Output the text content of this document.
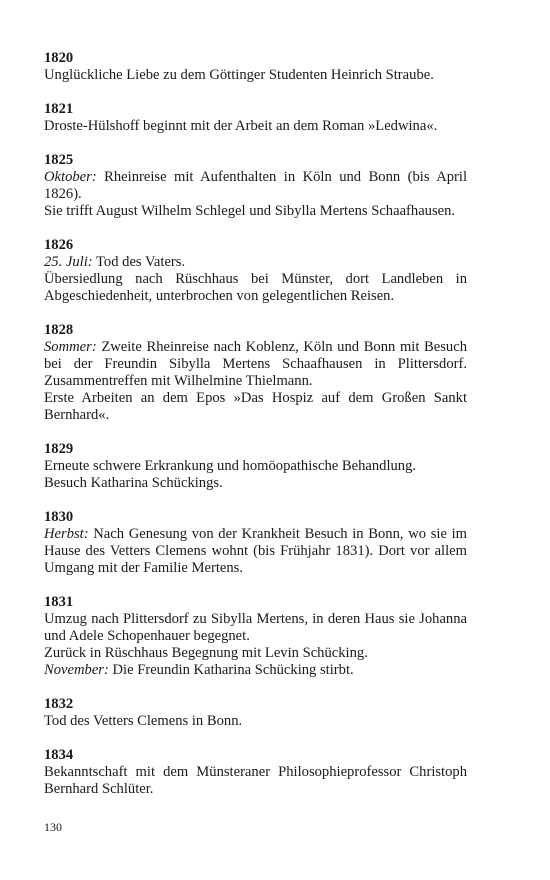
1820

Unglückliche Liebe zu dem Göttinger Studenten Heinrich Straube.

1821

Droste-Hülshoff beginnt mit der Arbeit an dem Roman »Ledwina«.

1825

Oktober: Rheinreise mit Aufenthalten in Köln und Bonn (bis April 1826).

Sie trifft August Wilhelm Schlegel und Sibylla Mertens Schaafhausen.

1826

25. Juli: Tod des Vaters.

Übersiedlung nach Rüschhaus bei Münster, dort Landleben in Abgeschiedenheit, unterbrochen von gelegentlichen Reisen.

1828

Sommer: Zweite Rheinreise nach Koblenz, Köln und Bonn mit Besuch bei der Freundin Sibylla Mertens Schaafhausen in Plittersdorf. Zusammentreffen mit Wilhelmine Thielmann.

Erste Arbeiten an dem Epos »Das Hospiz auf dem Großen Sankt Bernhard«.

1829

Erneute schwere Erkrankung und homöopathische Behandlung.

Besuch Katharina Schückings.

1830

Herbst: Nach Genesung von der Krankheit Besuch in Bonn, wo sie im Hause des Vetters Clemens wohnt (bis Frühjahr 1831). Dort vor allem Umgang mit der Familie Mertens.

1831

Umzug nach Plittersdorf zu Sibylla Mertens, in deren Haus sie Johanna und Adele Schopenhauer begegnet.

Zurück in Rüschhaus Begegnung mit Levin Schücking.

November: Die Freundin Katharina Schücking stirbt.

1832

Tod des Vetters Clemens in Bonn.

1834

Bekanntschaft mit dem Münsteraner Philosophieprofessor Christoph Bernhard Schlüter.

130
